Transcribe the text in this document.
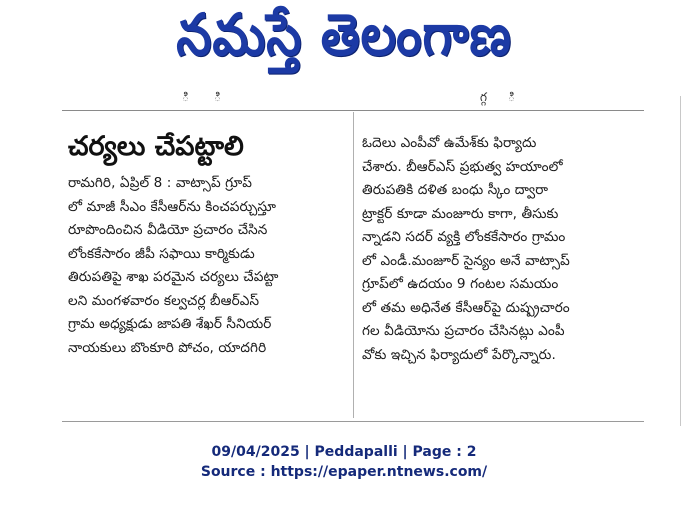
నమస్తే తెలంగాణ
ి ి	గ్గ ి
చర్యలు చేపట్టాలి
రామగిరి, ఏప్రిల్ 8 : వాట్సాప్ గ్రూప్
లో మాజీ సీఎం కేసీఆర్‌ను కించపర్చుస్తూ
రూపొందించిన వీడియో ప్రచారం చేసిన
లోంకకేసారం జీపీ సఫాయి కార్మికుడు
తిరుపతిపై శాఖ పరమైన చర్యలు చేపట్టా
లని మంగళవారం కల్వచర్ల బీఆర్‌ఎస్
గ్రామ అధ్యక్షుడు జాపతి శేఖర్ సీనియర్
నాయకులు బొంకూరి పోచం, యాదగిరి
ఓదెలు ఎంపీవో ఉమేశ్‌కు ఫిర్యాదు
చేశారు. బీఆర్‌ఎస్ ప్రభుత్వ హయాంలో
తిరుపతికి దళిత బంధు స్కీం ద్వారా
ట్రాక్టర్ కూడా మంజూరు కాగా, తీసుకు
న్నాడని సదర్ వ్యక్తి లోంకకేసారం గ్రామం
లో ఎండీ.మంజూర్ సైన్యం అనే వాట్సాప్
గ్రూప్‌లో ఉదయం 9 గంటల సమయం
లో తమ అధినేత కేసీఆర్‌పై దుష్ప్రచారం
గల వీడియోను ప్రచారం చేసినట్లు ఎంపీ
వోకు ఇచ్చిన ఫిర్యాదులో పేర్కొన్నారు.
09/04/2025 | Peddapalli | Page : 2
Source : https://epaper.ntnews.com/
